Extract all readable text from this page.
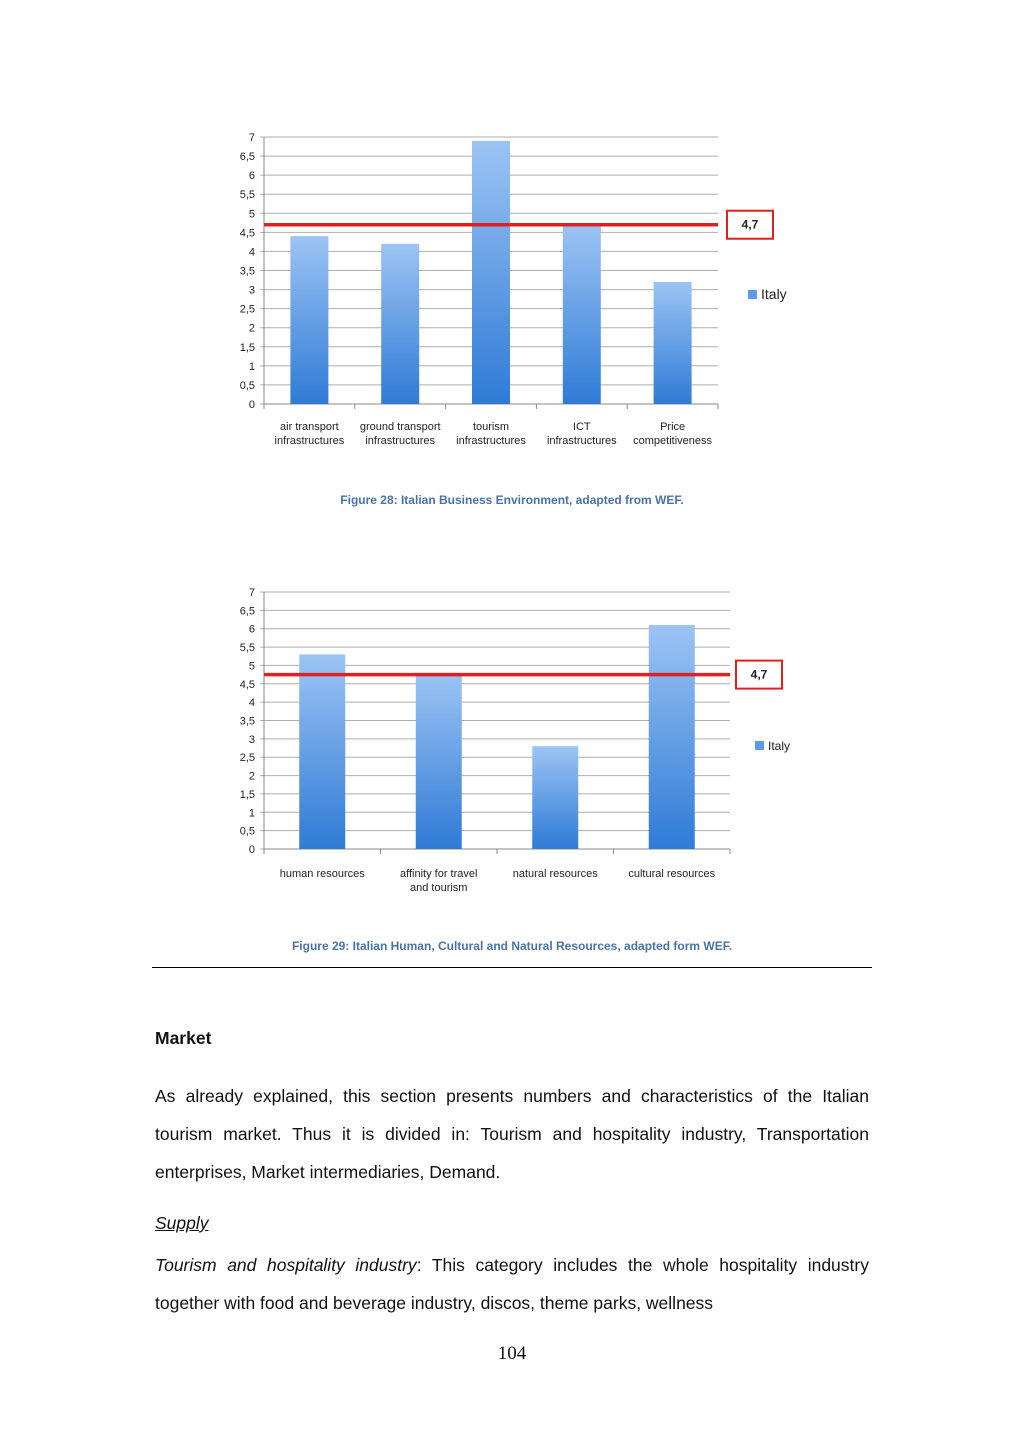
0
0,5
1
1,5
2
2,5
3
3,5
4
4,5
5
5,5
6
6,5
7
air transport
infrastructures
ground transport
infrastructures
tourism
infrastructures
ICT
infrastructures
Price
competitiveness
4,7
Italy
Figure 28: Italian Business Environment, adapted from WEF.
0
0,5
1
1,5
2
2,5
3
3,5
4
4,5
5
5,5
6
6,5
7
human resources	affinity for travel
and tourism
natural resources	cultural resources
4,7
Italy
Figure 29: Italian Human, Cultural and Natural Resources, adapted form WEF.
Market
As already explained, this section presents numbers and characteristics of the Italian tourism market. Thus it is divided in: Tourism and hospitality industry, Transportation enterprises, Market intermediaries, Demand.
Supply
Tourism and hospitality industry: This category includes the whole hospitality industry together with food and beverage industry, discos, theme parks, wellness
104
